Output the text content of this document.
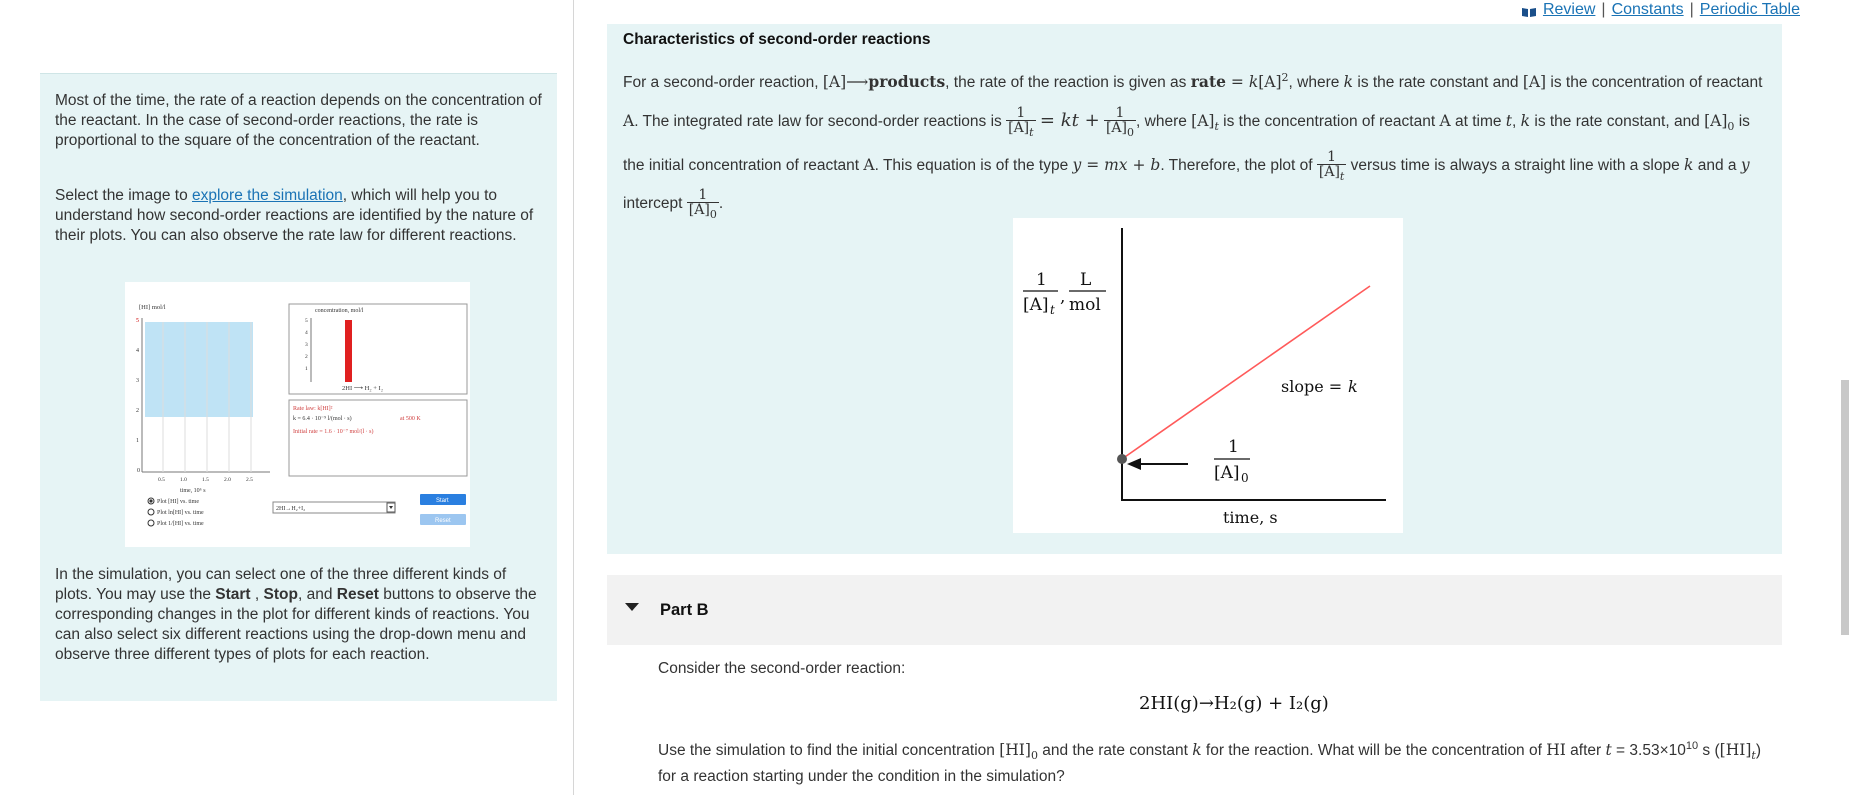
Most of the time, the rate of a reaction depends on the concentration of the reactant. In the case of second-order reactions, the rate is proportional to the square of the concentration of the reactant.
Select the image to explore the simulation, which will help you to understand how second-order reactions are identified by the nature of their plots. You can also observe the rate law for different reactions.
[HI] mol/l
5
4
3
2
1
0
0.5	1.0	1.5	2.0	2.5
time, 10⁶ s
concentration, mol/l
5
4
3
2
1
2HI ⟶ H₂ + I₂
Rate law: k[HI]²
k = 6.4 · 10⁻⁹ l/(mol · s)	at 500 K
Initial rate = 1.6 · 10⁻⁷ mol/(l · s)
Plot [HI] vs. time
Plot ln[HI] vs. time
Plot 1/[HI] vs. time
2HI→H₂+I₂
Start
Reset
In the simulation, you can select one of the three different kinds of plots. You may use the Start , Stop, and Reset buttons to observe the corresponding changes in the plot for different kinds of reactions. You can also select six different reactions using the drop-down menu and observe three different types of plots for each reaction.
Review | Constants | Periodic Table
Characteristics of second-order reactions
For a second-order reaction, [A]⟶products, the rate of the reaction is given as rate = $k[A]^2$, where k is the rate constant and [A] is the concentration of reactant A. The integrated rate law for second-order reactions is $\frac{1}{[A]_t}$ = kt + $\frac{1}{[A]_0}$ , where $[A]_t$ is the concentration of reactant A at time t, k is the rate constant, and $[A]_0$ is the initial concentration of reactant A. This equation is of the type y = mx + b. Therefore, the plot of $\frac{1}{[A]_t}$ versus time is always a straight line with a slope k and a y intercept $\frac{1}{[A]_0}$ .
1
[A] t
,
L
mol
slope = k
1
[A] 0
time, s
Part B
Consider the second-order reaction:
2HI(g)→H₂(g) + I₂(g)
Use the simulation to find the initial concentration $[HI]_0$ and the rate constant k for the reaction. What will be the concentration of HI after $t = 3.53\times 10^{10}$ s $([HI]_t)$ for a reaction starting under the condition in the simulation?
